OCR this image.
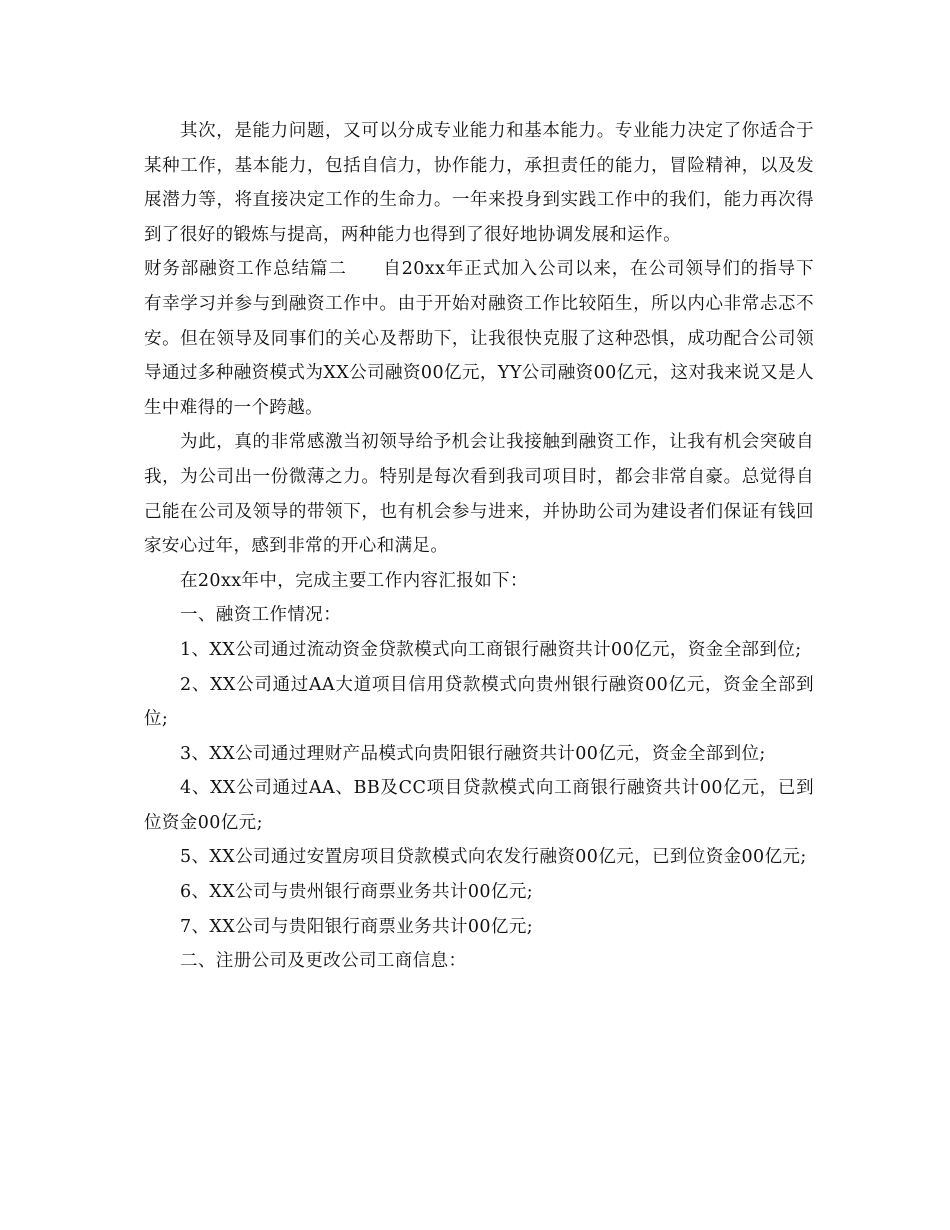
其次，是能力问题，又可以分成专业能力和基本能力。专业能力决定了你适合于某种工作，基本能力，包括自信力，协作能力，承担责任的能力，冒险精神，以及发展潜力等，将直接决定工作的生命力。一年来投身到实践工作中的我们，能力再次得到了很好的锻炼与提高，两种能力也得到了很好地协调发展和运作。

财务部融资工作总结篇二 自20xx年正式加入公司以来，在公司领导们的指导下有幸学习并参与到融资工作中。由于开始对融资工作比较陌生，所以内心非常忐忑不安。但在领导及同事们的关心及帮助下，让我很快克服了这种恐惧，成功配合公司领导通过多种融资模式为XX公司融资00亿元，YY公司融资00亿元，这对我来说又是人生中难得的一个跨越。

为此，真的非常感激当初领导给予机会让我接触到融资工作，让我有机会突破自我，为公司出一份微薄之力。特别是每次看到我司项目时，都会非常自豪。总觉得自己能在公司及领导的带领下，也有机会参与进来，并协助公司为建设者们保证有钱回家安心过年，感到非常的开心和满足。

在20xx年中，完成主要工作内容汇报如下：

一、融资工作情况：

1、XX公司通过流动资金贷款模式向工商银行融资共计00亿元，资金全部到位;

2、XX公司通过AA大道项目信用贷款模式向贵州银行融资00亿元，资金全部到位;

3、XX公司通过理财产品模式向贵阳银行融资共计00亿元，资金全部到位;

4、XX公司通过AA、BB及CC项目贷款模式向工商银行融资共计00亿元，已到位资金00亿元;

5、XX公司通过安置房项目贷款模式向农发行融资00亿元，已到位资金00亿元;

6、XX公司与贵州银行商票业务共计00亿元;

7、XX公司与贵阳银行商票业务共计00亿元;

二、注册公司及更改公司工商信息：
